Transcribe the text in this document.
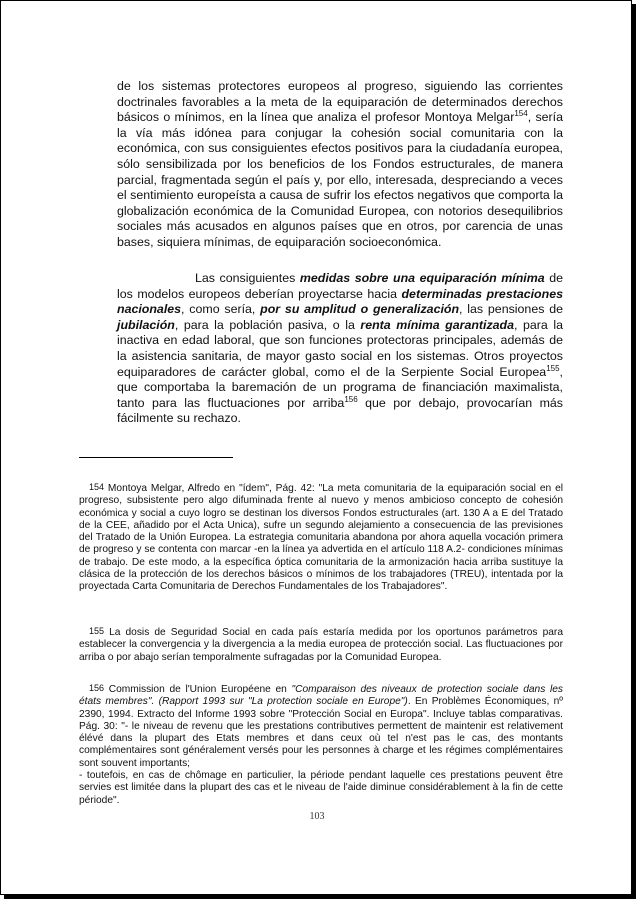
de los sistemas protectores europeos al progreso, siguiendo las corrientes doctrinales favorables a la meta de la equiparación de determinados derechos básicos o mínimos, en la línea que analiza el profesor Montoya Melgar$^{154}$, sería la vía más idónea para conjugar la cohesión social comunitaria con la económica, con sus consiguientes efectos positivos para la ciudadanía europea, sólo sensibilizada por los beneficios de los Fondos estructurales, de manera parcial, fragmentada según el país y, por ello, interesada, despreciando a veces el sentimiento europeísta a causa de sufrir los efectos negativos que comporta la globalización económica de la Comunidad Europea, con notorios desequilibrios sociales más acusados en algunos países que en otros, por carencia de unas bases, siquiera mínimas, de equiparación socioeconómica.
Las consiguientes medidas sobre una equiparación mínima de los modelos europeos deberían proyectarse hacia determinadas prestaciones nacionales, como sería, por su amplitud o generalización, las pensiones de jubilación, para la población pasiva, o la renta mínima garantizada, para la inactiva en edad laboral, que son funciones protectoras principales, además de la asistencia sanitaria, de mayor gasto social en los sistemas. Otros proyectos equiparadores de carácter global, como el de la Serpiente Social Europea$^{155}$, que comportaba la baremación de un programa de financiación maximalista, tanto para las fluctuaciones por arriba$^{156}$ que por debajo, provocarían más fácilmente su rechazo.
154 Montoya Melgar, Alfredo en "ídem", Pág. 42: "La meta comunitaria de la equiparación social en el progreso, subsistente pero algo difuminada frente al nuevo y menos ambicioso concepto de cohesión económica y social a cuyo logro se destinan los diversos Fondos estructurales (art. 130 A a E del Tratado de la CEE, añadido por el Acta Unica), sufre un segundo alejamiento a consecuencia de las previsiones del Tratado de la Unión Europea. La estrategia comunitaria abandona por ahora aquella vocación primera de progreso y se contenta con marcar -en la línea ya advertida en el artículo 118 A.2- condiciones mínimas de trabajo. De este modo, a la específica óptica comunitaria de la armonización hacia arriba sustituye la clásica de la protección de los derechos básicos o mínimos de los trabajadores (TREU), intentada por la proyectada Carta Comunitaria de Derechos Fundamentales de los Trabajadores".
155 La dosis de Seguridad Social en cada país estaría medida por los oportunos parámetros para establecer la convergencia y la divergencia a la media europea de protección social. Las fluctuaciones por arriba o por abajo serían temporalmente sufragadas por la Comunidad Europea.
156 Commission de l'Union Européene en "Comparaison des niveaux de protection sociale dans les états membres". (Rapport 1993 sur "La protection sociale en Europe"). En Problèmes Économiques, nº 2390, 1994. Extracto del Informe 1993 sobre "Protección Social en Europa". Incluye tablas comparativas. Pág. 30: "- le niveau de revenu que les prestations contributives permettent de maintenir est relativement élévé dans la plupart des Etats membres et dans ceux où tel n'est pas le cas, des montants complémentaires sont généralement versés pour les personnes à charge et les régimes complémentaires sont souvent importants;
- toutefois, en cas de chômage en particulier, la période pendant laquelle ces prestations peuvent être servies est limitée dans la plupart des cas et le niveau de l'aide diminue considérablement à la fin de cette période".
103
